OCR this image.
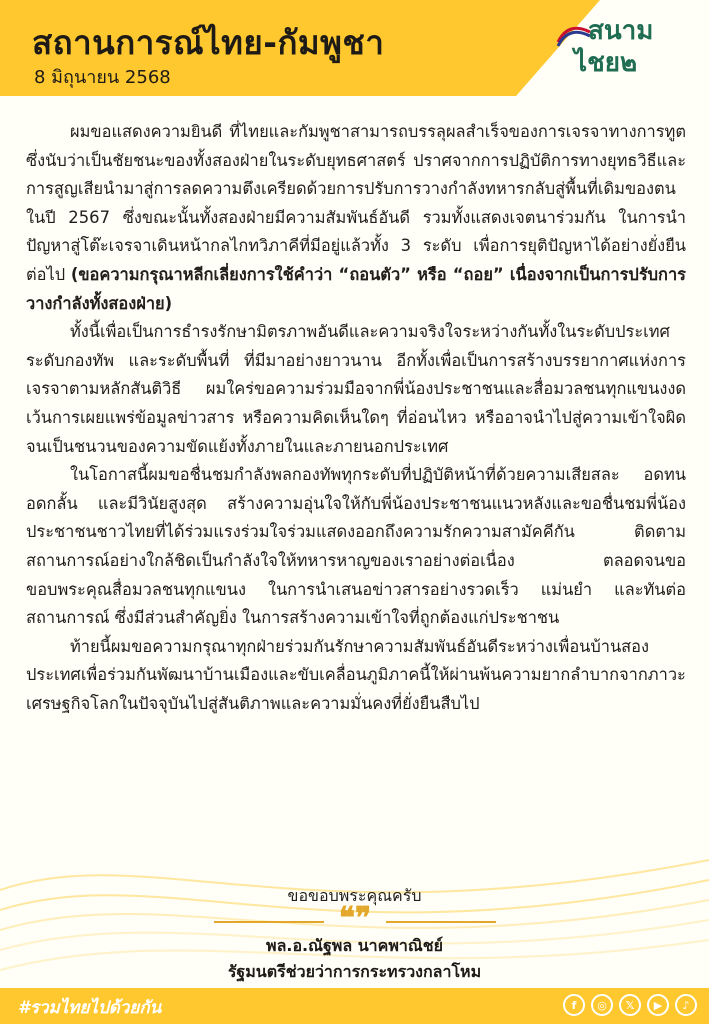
สถานการณ์ไทย-กัมพูชา
8 มิถุนายน 2568
สนาม
ไชย๒

ผมขอแสดงความยินดี ที่ไทยและกัมพูชาสามารถบรรลุผลสำเร็จของการเจรจาทางการทูตซึ่งนับว่าเป็นชัยชนะของทั้งสองฝ่ายในระดับยุทธศาสตร์ ปราศจากการปฏิบัติการทางยุทธวิธีและการสูญเสียนำมาสู่การลดความตึงเครียดด้วยการปรับการวางกำลังทหารกลับสู่พื้นที่เดิมของตนในปี 2567 ซึ่งขณะนั้นทั้งสองฝ่ายมีความสัมพันธ์อันดี รวมทั้งแสดงเจตนาร่วมกัน ในการนำปัญหาสู่โต๊ะเจรจาเดินหน้ากลไกทวิภาคีที่มีอยู่แล้วทั้ง 3 ระดับ เพื่อการยุติปัญหาได้อย่างยั่งยืนต่อไป (ขอความกรุณาหลีกเลี่ยงการใช้คำว่า “ถอนตัว” หรือ “ถอย” เนื่องจากเป็นการปรับการวางกำลังทั้งสองฝ่าย)

ทั้งนี้เพื่อเป็นการธำรงรักษามิตรภาพอันดีและความจริงใจระหว่างกันทั้งในระดับประเทศ ระดับกองทัพ และระดับพื้นที่ ที่มีมาอย่างยาวนาน อีกทั้งเพื่อเป็นการสร้างบรรยากาศแห่งการเจรจาตามหลักสันติวิธี ผมใคร่ขอความร่วมมือจากพี่น้องประชาชนและสื่อมวลชนทุกแขนงงดเว้นการเผยแพร่ข้อมูลข่าวสาร หรือความคิดเห็นใดๆ ที่อ่อนไหว หรืออาจนำไปสู่ความเข้าใจผิดจนเป็นชนวนของความขัดแย้งทั้งภายในและภายนอกประเทศ

ในโอกาสนี้ผมขอชื่นชมกำลังพลกองทัพทุกระดับที่ปฏิบัติหน้าที่ด้วยความเสียสละ อดทนอดกลั้น และมีวินัยสูงสุด สร้างความอุ่นใจให้กับพี่น้องประชาชนแนวหลังและขอชื่นชมพี่น้องประชาชนชาวไทยที่ได้ร่วมแรงร่วมใจร่วมแสดงออกถึงความรักความสามัคคีกัน ติดตามสถานการณ์อย่างใกล้ชิดเป็นกำลังใจให้ทหารหาญของเราอย่างต่อเนื่อง ตลอดจนขอขอบพระคุณสื่อมวลชนทุกแขนง ในการนำเสนอข่าวสารอย่างรวดเร็ว แม่นยำ และทันต่อสถานการณ์ ซึ่งมีส่วนสำคัญยิ่ง ในการสร้างความเข้าใจที่ถูกต้องแก่ประชาชน

ท้ายนี้ผมขอความกรุณาทุกฝ่ายร่วมกันรักษาความสัมพันธ์อันดีระหว่างเพื่อนบ้านสองประเทศเพื่อร่วมกันพัฒนาบ้านเมืองและขับเคลื่อนภูมิภาคนี้ให้ผ่านพ้นความยากลำบากจากภาวะเศรษฐกิจโลกในปัจจุบันไปสู่สันติภาพและความมั่นคงที่ยั่งยืนสืบไป

ขอขอบพระคุณครับ
❝❞
พล.อ.ณัฐพล นาคพาณิชย์
รัฐมนตรีช่วยว่าการกระทรวงกลาโหม
#รวมไทยไปด้วยกัน	f	◎	𝕏	▶	♪
